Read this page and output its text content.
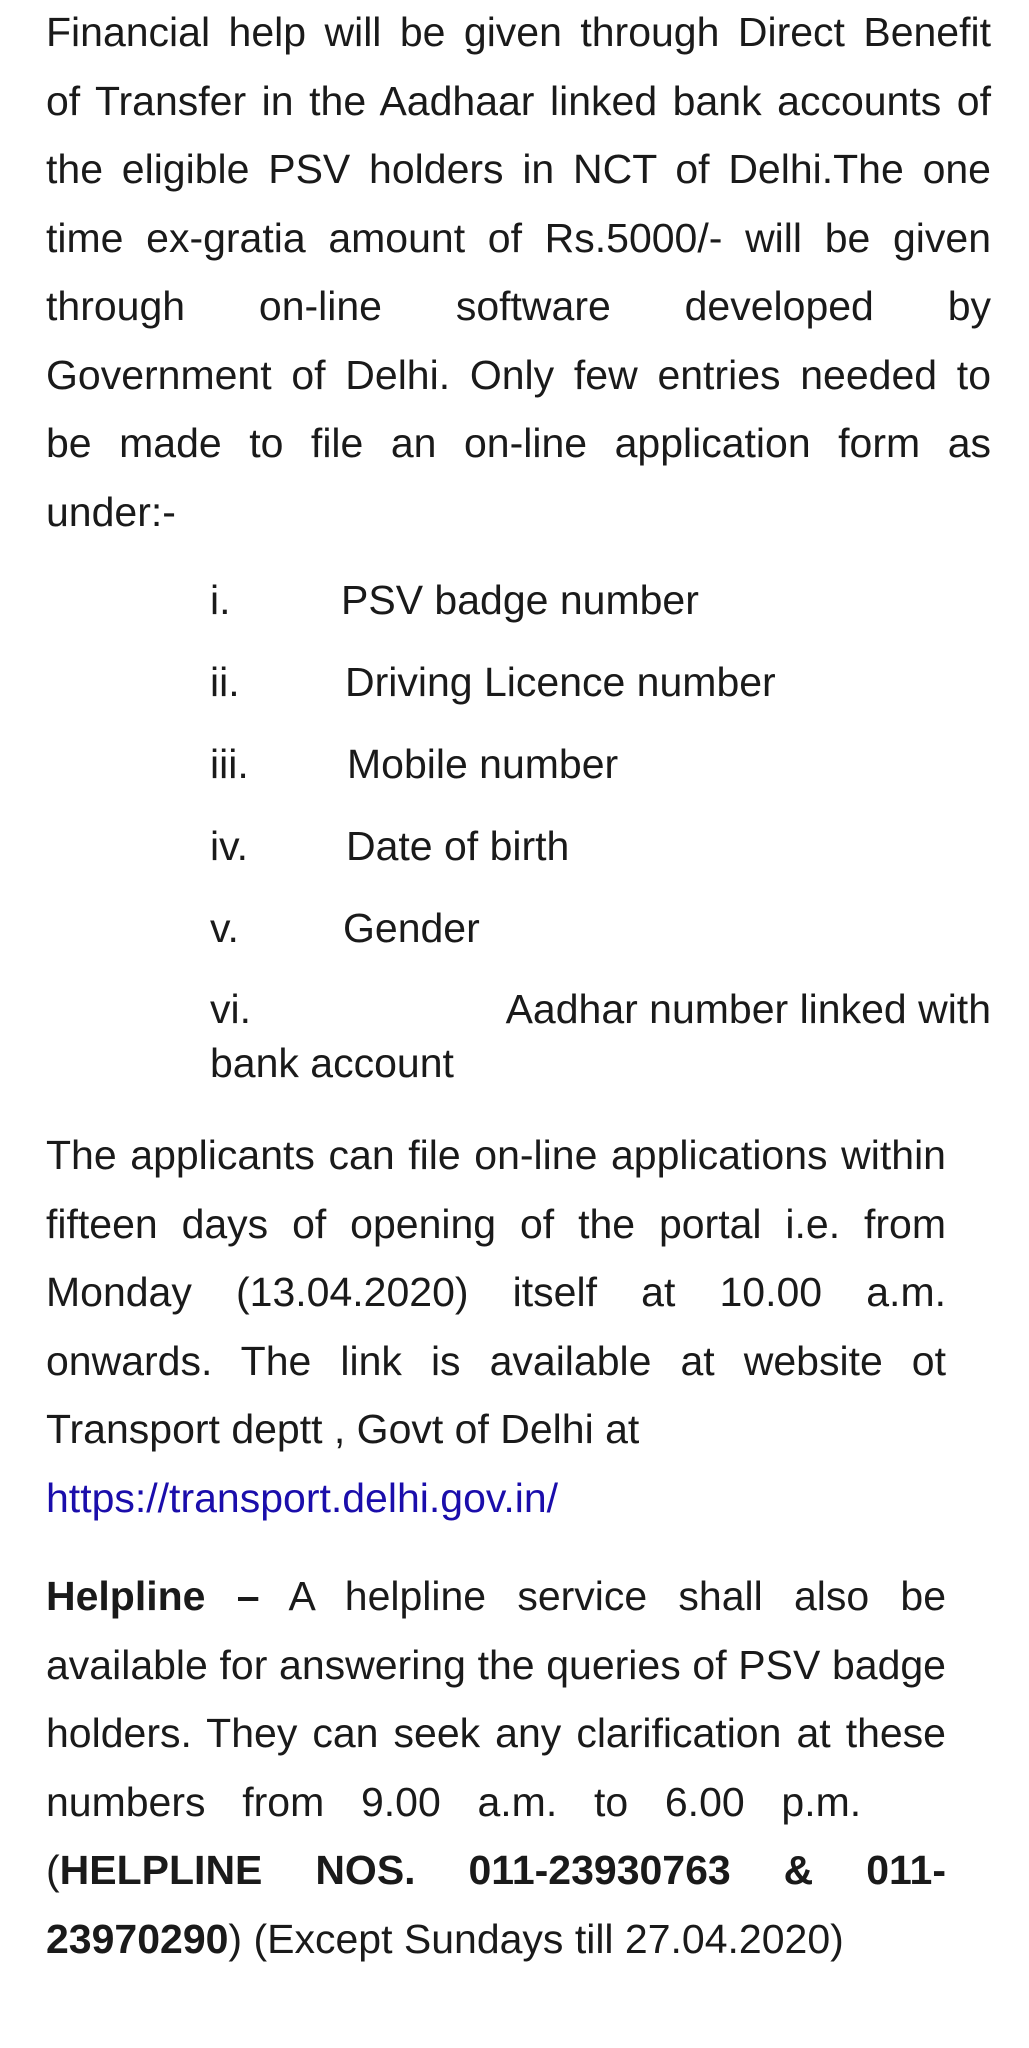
Financial help will be given through Direct Benefit of Transfer in the Aadhaar linked bank accounts of the eligible PSV holders in NCT of Delhi.The one time ex-gratia amount of Rs.5000/- will be given through on-line software developed by Government of Delhi. Only few entries needed to be made to file an on-line application form as under:-

i.	PSV badge number
ii.	Driving Licence number
iii. Mobile number
iv. Date of birth
v.	Gender
vi.	Aadhar number linked with
bank account

The applicants can file on-line applications within fifteen days of opening of the portal i.e. from Monday (13.04.2020) itself at 10.00 a.m. onwards. The link is available at website ot Transport deptt , Govt of Delhi at

https://transport.delhi.gov.in/

Helpline – A helpline service shall also be available for answering the queries of PSV badge holders. They can seek any clarification at these numbers from 9.00 a.m. to 6.00 p.m.    (HELPLINE NOS. 011-23930763 & 011-23970290) (Except Sundays till 27.04.2020)
